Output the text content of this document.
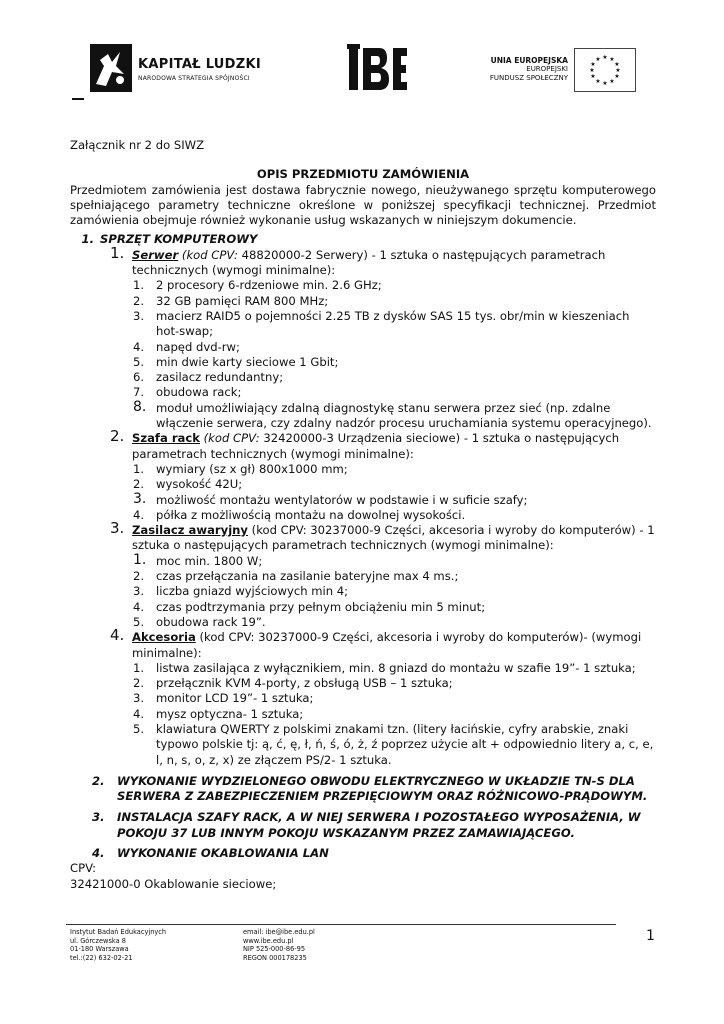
KAPITAŁ LUDZKI
NARODOWA STRATEGIA SPÓJNOŚCI
UNIA EUROPEJSKA
EUROPEJSKI
FUNDUSZ SPOŁECZNY
★ ★
★
★
★
★
★
★
★
★
★
★

Załącznik nr 2 do SIWZ

OPIS PRZEDMIOTU ZAMÓWIENIA

Przedmiotem zamówienia jest dostawa fabrycznie nowego, nieużywanego sprzętu komputerowego spełniającego parametry techniczne określone w poniższej specyfikacji technicznej. Przedmiot zamówienia obejmuje również wykonanie usług wskazanych w niniejszym dokumencie.

1. SPRZĘT KOMPUTEROWY

1. Serwer (kod CPV: 48820000-2 Serwery) - 1 sztuka o następujących parametrach technicznych (wymogi minimalne):

1. 2 procesory 6-rdzeniowe min. 2.6 GHz;

2. 32 GB pamięci RAM 800 MHz;

3. macierz RAID5 o pojemności 2.25 TB z dysków SAS 15 tys. obr/min w kieszeniach hot-swap;

4. napęd dvd-rw;

5. min dwie karty sieciowe 1 Gbit;

6. zasilacz redundantny;

7. obudowa rack;

8. moduł umożliwiający zdalną diagnostykę stanu serwera przez sieć (np. zdalne włączenie serwera, czy zdalny nadzór procesu uruchamiania systemu operacyjnego).

2. Szafa rack (kod CPV: 32420000-3 Urządzenia sieciowe) - 1 sztuka o następujących parametrach technicznych (wymogi minimalne):

1. wymiary (sz x gł) 800x1000 mm;

2. wysokość 42U;

3. możliwość montażu wentylatorów w podstawie i w suficie szafy;

4. półka z możliwością montażu na dowolnej wysokości.

3. Zasilacz awaryjny (kod CPV: 30237000-9 Części, akcesoria i wyroby do komputerów) - 1 sztuka o następujących parametrach technicznych (wymogi minimalne):

1. moc min. 1800 W;

2. czas przełączania na zasilanie bateryjne max 4 ms.;

3. liczba gniazd wyjściowych min 4;

4. czas podtrzymania przy pełnym obciążeniu min 5 minut;

5. obudowa rack 19”.

4. Akcesoria (kod CPV: 30237000-9 Części, akcesoria i wyroby do komputerów)- (wymogi minimalne):

1. listwa zasilająca z wyłącznikiem, min. 8 gniazd do montażu w szafie 19”- 1 sztuka;

2. przełącznik KVM 4-porty, z obsługą USB – 1 sztuka;

3. monitor LCD 19”- 1 sztuka;

4. mysz optyczna- 1 sztuka;

5. klawiatura QWERTY z polskimi znakami tzn. (litery łacińskie, cyfry arabskie, znaki typowo polskie tj: ą, ć, ę, ł, ń, ś, ó, ż, ź poprzez użycie alt + odpowiednio litery a, c, e, l, n, s, o, z, x) ze złączem PS/2- 1 sztuka.

2. WYKONANIE WYDZIELONEGO OBWODU ELEKTRYCZNEGO W UKŁADZIE TN-S DLA SERWERA Z ZABEZPIECZENIEM PRZEPIĘCIOWYM ORAZ RÓŻNICOWO-PRĄDOWYM.

3. INSTALACJA SZAFY RACK, A W NIEJ SERWERA I POZOSTAŁEGO WYPOSAŻENIA, W POKOJU 37 LUB INNYM POKOJU WSKAZANYM PRZEZ ZAMAWIAJĄCEGO.

4. WYKONANIE OKABLOWANIA LAN

CPV:

32421000-0 Okablowanie sieciowe;

Instytut Badań Edukacyjnych
ul. Górczewska 8
01-180 Warszawa
tel.:(22) 632-02-21
email: ibe@ibe.edu.pl
www.ibe.edu.pl
NIP 525-000-86-95
REGON 000178235
1
